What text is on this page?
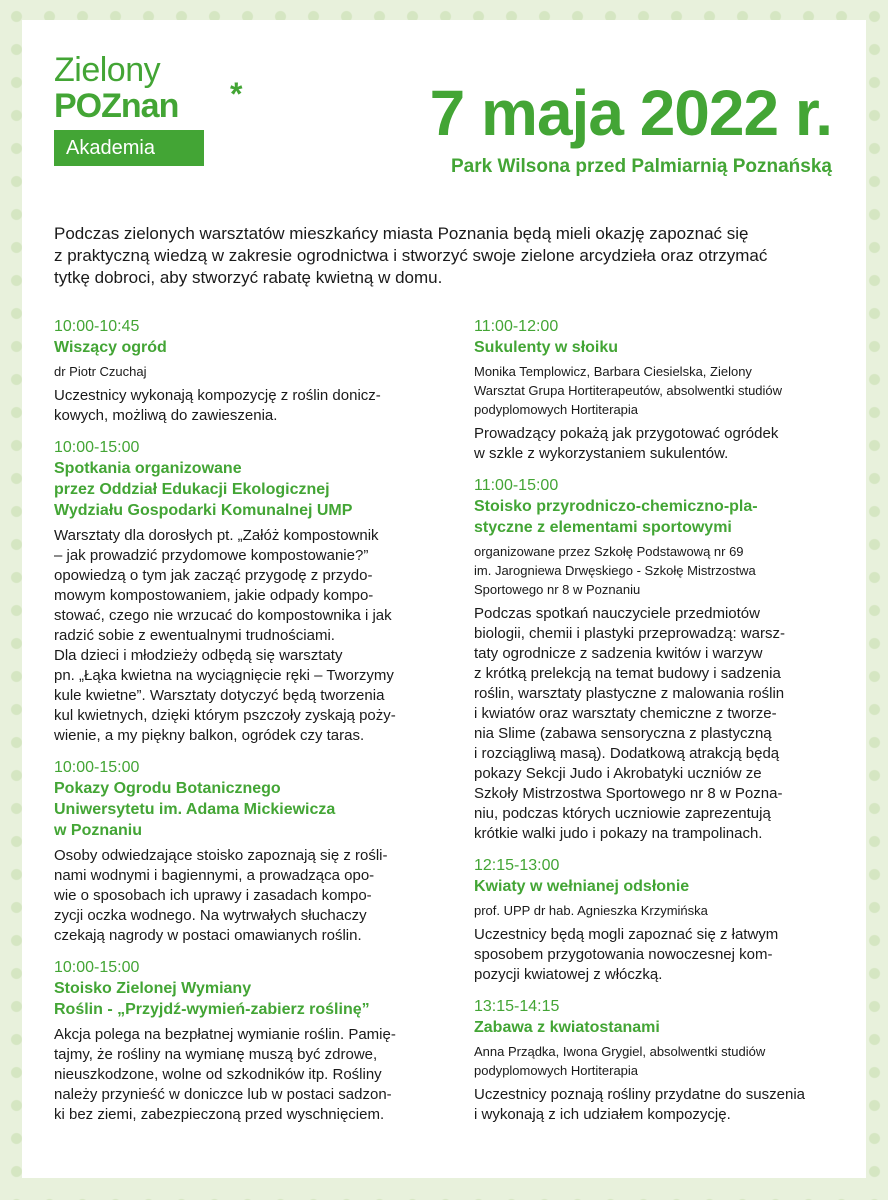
Zielony
POZnan *
Akademia	7 maja 2022 r.
Park Wilsona przed Palmiarnią Poznańską
Podczas zielonych warsztatów mieszkańcy miasta Poznania będą mieli okazję zapoznać się
z praktyczną wiedzą w zakresie ogrodnictwa i stworzyć swoje zielone arcydzieła oraz otrzymać
tytkę dobroci, aby stworzyć rabatę kwietną w domu.
10:00-10:45
Wiszący ogród
dr Piotr Czuchaj
Uczestnicy wykonają kompozycję z roślin donicz-
kowych, możliwą do zawieszenia.
10:00-15:00
Spotkania organizowane
przez Oddział Edukacji Ekologicznej
Wydziału Gospodarki Komunalnej UMP
Warsztaty dla dorosłych pt. „Załóż kompostownik
– jak prowadzić przydomowe kompostowanie?”
opowiedzą o tym jak zacząć przygodę z przydo-
mowym kompostowaniem, jakie odpady kompo-
stować, czego nie wrzucać do kompostownika i jak
radzić sobie z ewentualnymi trudnościami.
Dla dzieci i młodzieży odbędą się warsztaty
pn. „Łąka kwietna na wyciągnięcie ręki – Tworzymy
kule kwietne”. Warsztaty dotyczyć będą tworzenia
kul kwietnych, dzięki którym pszczoły zyskają poży-
wienie, a my piękny balkon, ogródek czy taras.
10:00-15:00
Pokazy Ogrodu Botanicznego
Uniwersytetu im. Adama Mickiewicza
w Poznaniu
Osoby odwiedzające stoisko zapoznają się z rośli-
nami wodnymi i bagiennymi, a prowadząca opo-
wie o sposobach ich uprawy i zasadach kompo-
zycji oczka wodnego. Na wytrwałych słuchaczy
czekają nagrody w postaci omawianych roślin.
10:00-15:00
Stoisko Zielonej Wymiany
Roślin - „Przyjdź-wymień-zabierz roślinę”
Akcja polega na bezpłatnej wymianie roślin. Pamię-
tajmy, że rośliny na wymianę muszą być zdrowe,
nieuszkodzone, wolne od szkodników itp. Rośliny
należy przynieść w doniczce lub w postaci sadzon-
ki bez ziemi, zabezpieczoną przed wyschnięciem.
11:00-12:00
Sukulenty w słoiku
Monika Templowicz, Barbara Ciesielska, Zielony
Warsztat Grupa Hortiterapeutów, absolwentki studiów
podyplomowych Hortiterapia
Prowadzący pokażą jak przygotować ogródek
w szkle z wykorzystaniem sukulentów.
11:00-15:00
Stoisko przyrodniczo-chemiczno-pla-
styczne z elementami sportowymi
organizowane przez Szkołę Podstawową nr 69
im. Jarogniewa Drwęskiego - Szkołę Mistrzostwa
Sportowego nr 8 w Poznaniu
Podczas spotkań nauczyciele przedmiotów
biologii, chemii i plastyki przeprowadzą: warsz-
taty ogrodnicze z sadzenia kwitów i warzyw
z krótką prelekcją na temat budowy i sadzenia
roślin, warsztaty plastyczne z malowania roślin
i kwiatów oraz warsztaty chemiczne z tworze-
nia Slime (zabawa sensoryczna z plastyczną
i rozciągliwą masą). Dodatkową atrakcją będą
pokazy Sekcji Judo i Akrobatyki uczniów ze
Szkoły Mistrzostwa Sportowego nr 8 w Pozna-
niu, podczas których uczniowie zaprezentują
krótkie walki judo i pokazy na trampolinach.
12:15-13:00
Kwiaty w wełnianej odsłonie
prof. UPP dr hab. Agnieszka Krzymińska
Uczestnicy będą mogli zapoznać się z łatwym
sposobem przygotowania nowoczesnej kom-
pozycji kwiatowej z włóczką.
13:15-14:15
Zabawa z kwiatostanami
Anna Prządka, Iwona Grygiel, absolwentki studiów
podyplomowych Hortiterapia
Uczestnicy poznają rośliny przydatne do suszenia
i wykonają z ich udziałem kompozycję.
